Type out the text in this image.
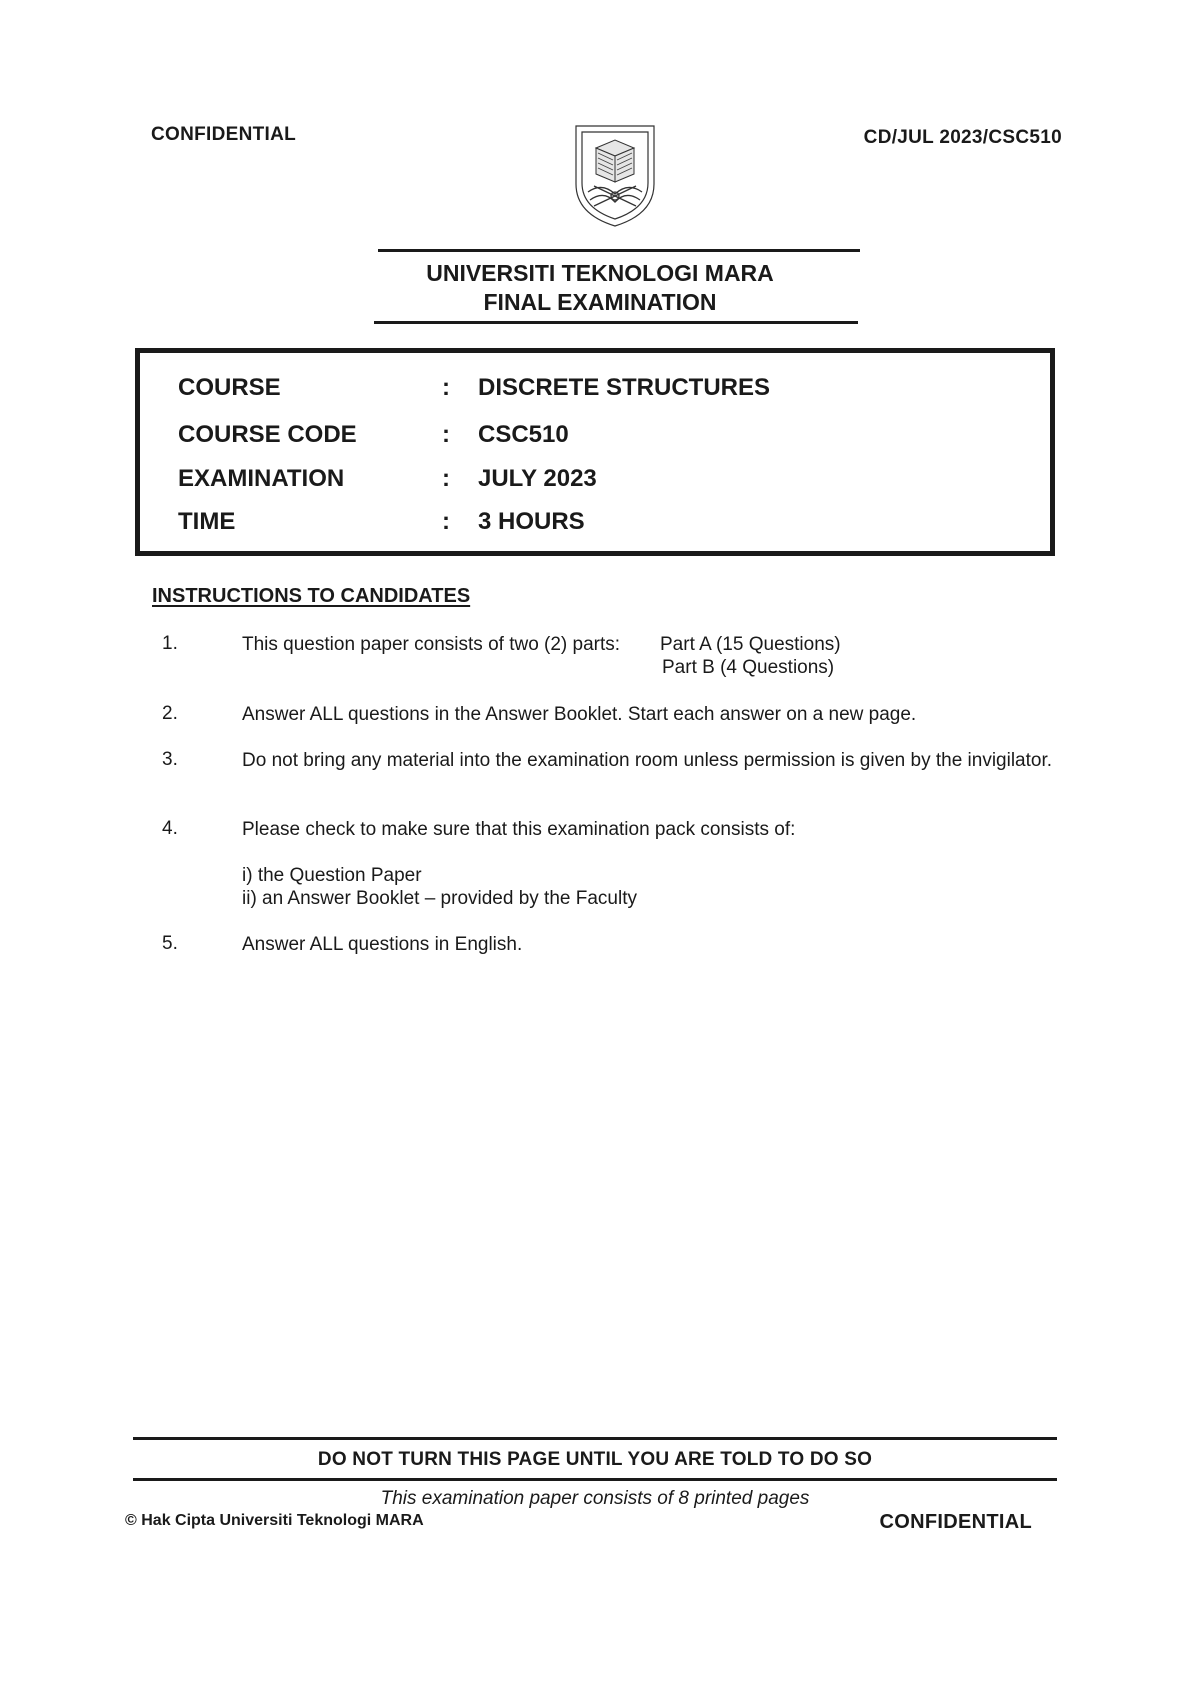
CONFIDENTIAL	CD/JUL 2023/CSC510
UNIVERSITI TEKNOLOGI MARA
FINAL EXAMINATION
COURSE	: DISCRETE STRUCTURES
COURSE CODE	: CSC510
EXAMINATION	: JULY 2023
TIME	: 3 HOURS
INSTRUCTIONS TO CANDIDATES
1.	This question paper consists of two (2) parts: Part A (15 Questions)
Part B (4 Questions)
2.	Answer ALL questions in the Answer Booklet. Start each answer on a new page.
3.	Do not bring any material into the examination room unless permission is given by the invigilator.
4.	Please check to make sure that this examination pack consists of:
i) the Question Paper
ii) an Answer Booklet – provided by the Faculty
5.	Answer ALL questions in English.
DO NOT TURN THIS PAGE UNTIL YOU ARE TOLD TO DO SO
This examination paper consists of 8 printed pages
© Hak Cipta Universiti Teknologi MARA	CONFIDENTIAL
